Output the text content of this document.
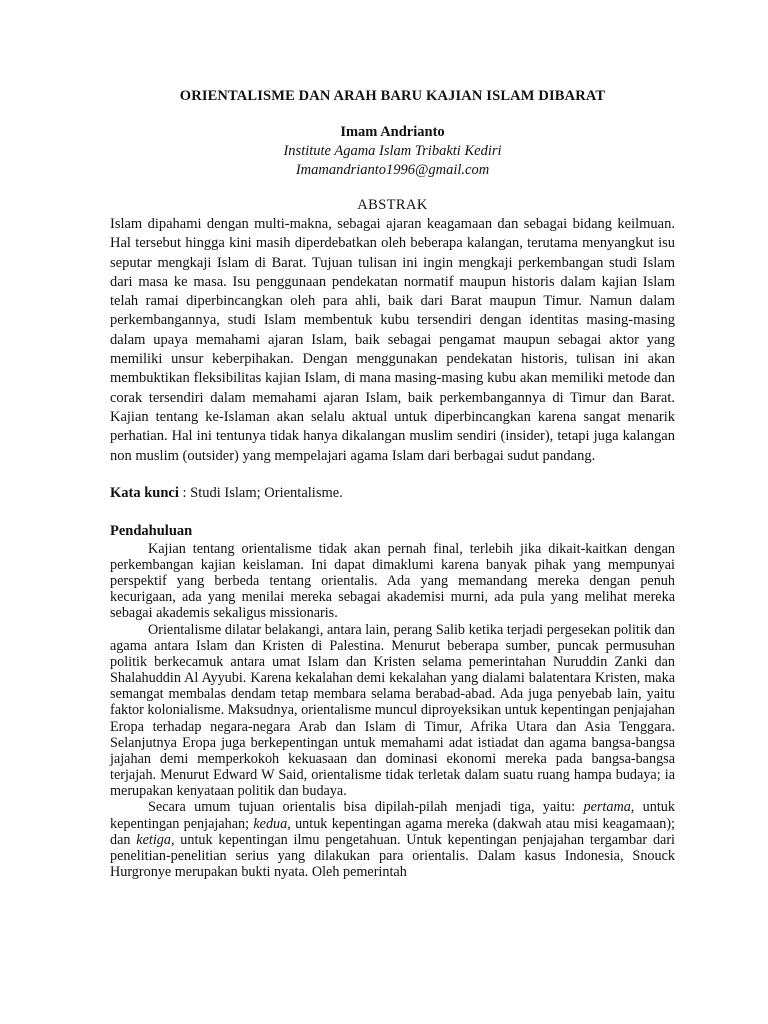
ORIENTALISME DAN ARAH BARU KAJIAN ISLAM DIBARAT

Imam Andrianto

Institute Agama Islam Tribakti Kediri

Imamandrianto1996@gmail.com

ABSTRAK

Islam dipahami dengan multi-makna, sebagai ajaran keagamaan dan sebagai bidang keilmuan. Hal tersebut hingga kini masih diperdebatkan oleh beberapa kalangan, terutama menyangkut isu seputar mengkaji Islam di Barat. Tujuan tulisan ini ingin mengkaji perkembangan studi Islam dari masa ke masa. Isu penggunaan pendekatan normatif maupun historis dalam kajian Islam telah ramai diperbincangkan oleh para ahli, baik dari Barat maupun Timur. Namun dalam perkembangannya, studi Islam membentuk kubu tersendiri dengan identitas masing-masing dalam upaya memahami ajaran Islam, baik sebagai pengamat maupun sebagai aktor yang memiliki unsur keberpihakan. Dengan menggunakan pendekatan historis, tulisan ini akan membuktikan fleksibilitas kajian Islam, di mana masing-masing kubu akan memiliki metode dan corak tersendiri dalam memahami ajaran Islam, baik perkembangannya di Timur dan Barat. Kajian tentang ke-Islaman akan selalu aktual untuk diperbincangkan karena sangat menarik perhatian. Hal ini tentunya tidak hanya dikalangan muslim sendiri (insider), tetapi juga kalangan non muslim (outsider) yang mempelajari agama Islam dari berbagai sudut pandang.

Kata kunci : Studi Islam; Orientalisme.

Pendahuluan

Kajian tentang orientalisme tidak akan pernah final, terlebih jika dikait-kaitkan dengan perkembangan kajian keislaman. Ini dapat dimaklumi karena banyak pihak yang mempunyai perspektif yang berbeda tentang orientalis. Ada yang memandang mereka dengan penuh kecurigaan, ada yang menilai mereka sebagai akademisi murni, ada pula yang melihat mereka sebagai akademis sekaligus missionaris.

Orientalisme dilatar belakangi, antara lain, perang Salib ketika terjadi pergesekan politik dan agama antara Islam dan Kristen di Palestina. Menurut beberapa sumber, puncak permusuhan politik berkecamuk antara umat Islam dan Kristen selama pemerintahan Nuruddin Zanki dan Shalahuddin Al Ayyubi. Karena kekalahan demi kekalahan yang dialami balatentara Kristen, maka semangat membalas dendam tetap membara selama berabad-abad. Ada juga penyebab lain, yaitu faktor kolonialisme. Maksudnya, orientalisme muncul diproyeksikan untuk kepentingan penjajahan Eropa terhadap negara-negara Arab dan Islam di Timur, Afrika Utara dan Asia Tenggara. Selanjutnya Eropa juga berkepentingan untuk memahami adat istiadat dan agama bangsa-bangsa jajahan demi memperkokoh kekuasaan dan dominasi ekonomi mereka pada bangsa-bangsa terjajah. Menurut Edward W Said, orientalisme tidak terletak dalam suatu ruang hampa budaya; ia merupakan kenyataan politik dan budaya.

Secara umum tujuan orientalis bisa dipilah-pilah menjadi tiga, yaitu: pertama, untuk kepentingan penjajahan; kedua, untuk kepentingan agama mereka (dakwah atau misi keagamaan); dan ketiga, untuk kepentingan ilmu pengetahuan. Untuk kepentingan penjajahan tergambar dari penelitian-penelitian serius yang dilakukan para orientalis. Dalam kasus Indonesia, Snouck Hurgronye merupakan bukti nyata. Oleh pemerintah
